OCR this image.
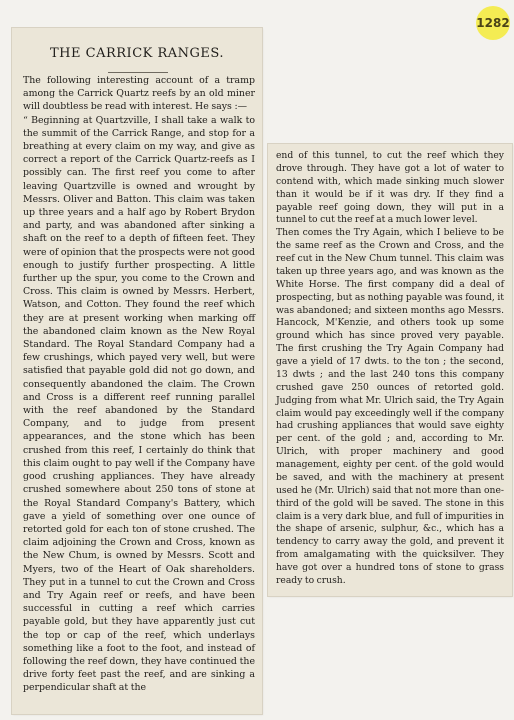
1282
THE CARRICK RANGES.

The following interesting account of a tramp among the Carrick Quartz reefs by an old miner will doubtless be read with interest. He says :—
“ Beginning at Quartzville, I shall take a walk to the summit of the Carrick Range, and stop for a breathing at every claim on my way, and give as correct a report of the Carrick Quartz-reefs as I possibly can. The first reef you come to after leaving Quartzville is owned and wrought by Messrs. Oliver and Batton. This claim was taken up three years and a half ago by Robert Brydon and party, and was abandoned after sinking a shaft on the reef to a depth of fifteen feet. They were of opinion that the prospects were not good enough to justify further prospecting. A little further up the spur, you come to the Crown and Cross. This claim is owned by Messrs. Herbert, Watson, and Cotton. They found the reef which they are at present working when marking off the abandoned claim known as the New Royal Standard. The Royal Standard Company had a few crushings, which payed very well, but were satisfied that payable gold did not go down, and consequently abandoned the claim. The Crown and Cross is a different reef running parallel with the reef abandoned by the Standard Company, and to judge from present appearances, and the stone which has been crushed from this reef, I certainly do think that this claim ought to pay well if the Company have good crushing appliances. They have already crushed somewhere about 250 tons of stone at the Royal Standard Company's Battery, which gave a yield of something over one ounce of retorted gold for each ton of stone crushed. The claim adjoining the Crown and Cross, known as the New Chum, is owned by Messrs. Scott and Myers, two of the Heart of Oak shareholders. They put in a tunnel to cut the Crown and Cross and Try Again reef or reefs, and have been successful in cutting a reef which carries payable gold, but they have apparently just cut the top or cap of the reef, which underlays something like a foot to the foot, and instead of following the reef down, they have continued the drive forty feet past the reef, and are sinking a perpendicular shaft at the

end of this tunnel, to cut the reef which they drove through. They have got a lot of water to contend with, which made sinking much slower than it would be if it was dry. If they find a payable reef going down, they will put in a tunnel to cut the reef at a much lower level.
Then comes the Try Again, which I believe to be the same reef as the Crown and Cross, and the reef cut in the New Chum tunnel. This claim was taken up three years ago, and was known as the White Horse. The first company did a deal of prospecting, but as nothing payable was found, it was abandoned; and sixteen months ago Messrs. Hancock, M'Kenzie, and others took up some ground which has since proved very payable. The first crushing the Try Again Company had gave a yield of 17 dwts. to the ton ; the second, 13 dwts ; and the last 240 tons this company crushed gave 250 ounces of retorted gold. Judging from what Mr. Ulrich said, the Try Again claim would pay exceedingly well if the company had crushing appliances that would save eighty per cent. of the gold ; and, according to Mr. Ulrich, with proper machinery and good management, eighty per cent. of the gold would be saved, and with the machinery at present used he (Mr. Ulrich) said that not more than one-third of the gold will be saved. The stone in this claim is a very dark blue, and full of impurities in the shape of arsenic, sulphur, &c., which has a tendency to carry away the gold, and prevent it from amalgamating with the quicksilver. They have got over a hundred tons of stone to grass ready to crush.
